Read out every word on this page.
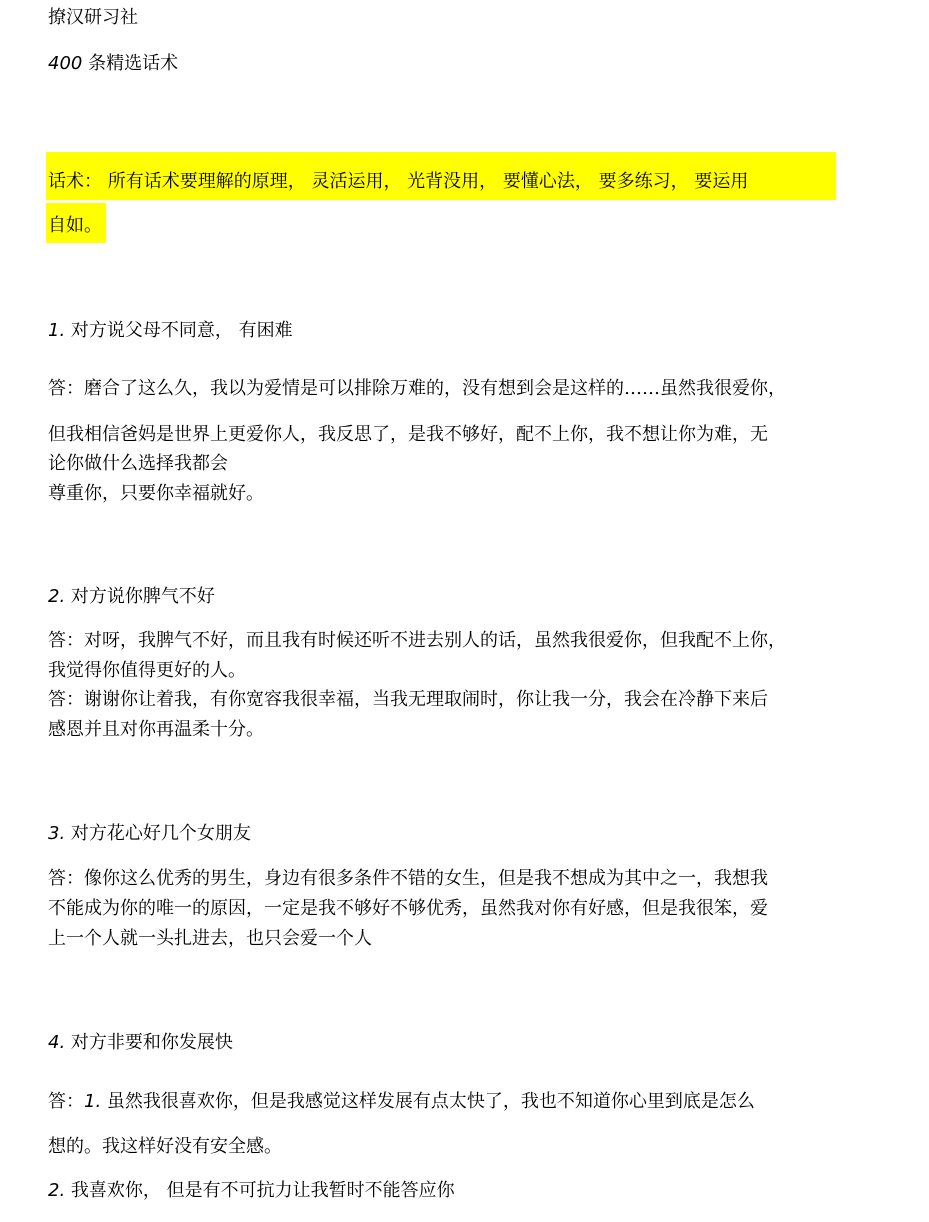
撩汉研习社
400 条精选话术
话术： 所有话术要理解的原理， 灵活运用， 光背没用， 要懂心法， 要多练习， 要运用
自如。
1. 对方说父母不同意， 有困难
答：磨合了这么久，我以为爱情是可以排除万难的，没有想到会是这样的……虽然我很爱你，
但我相信爸妈是世界上更爱你人，我反思了，是我不够好，配不上你，我不想让你为难，无
论你做什么选择我都会
尊重你，只要你幸福就好。
2. 对方说你脾气不好
答：对呀，我脾气不好，而且我有时候还听不进去别人的话，虽然我很爱你，但我配不上你，
我觉得你值得更好的人。
答：谢谢你让着我，有你宽容我很幸福，当我无理取闹时，你让我一分，我会在冷静下来后
感恩并且对你再温柔十分。
3. 对方花心好几个女朋友
答：像你这么优秀的男生，身边有很多条件不错的女生，但是我不想成为其中之一，我想我
不能成为你的唯一的原因，一定是我不够好不够优秀，虽然我对你有好感，但是我很笨，爱
上一个人就一头扎进去，也只会爱一个人
4. 对方非要和你发展快
答：1. 虽然我很喜欢你，但是我感觉这样发展有点太快了，我也不知道你心里到底是怎么
想的。我这样好没有安全感。
2. 我喜欢你， 但是有不可抗力让我暂时不能答应你
